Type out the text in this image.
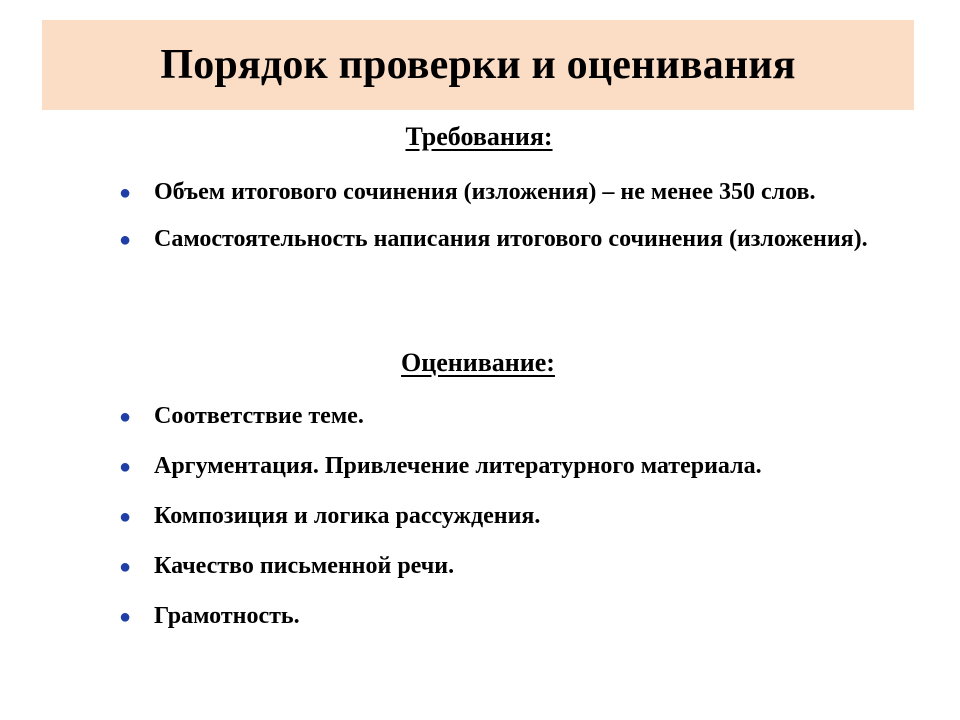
Порядок проверки и оценивания
Требования:
● Объем итогового сочинения (изложения) – не менее 350 слов.
● Самостоятельность написания итогового сочинения (изложения).
Оценивание:
● Соответствие теме.
● Аргументация. Привлечение литературного материала.
● Композиция и логика рассуждения.
● Качество письменной речи.
● Грамотность.
